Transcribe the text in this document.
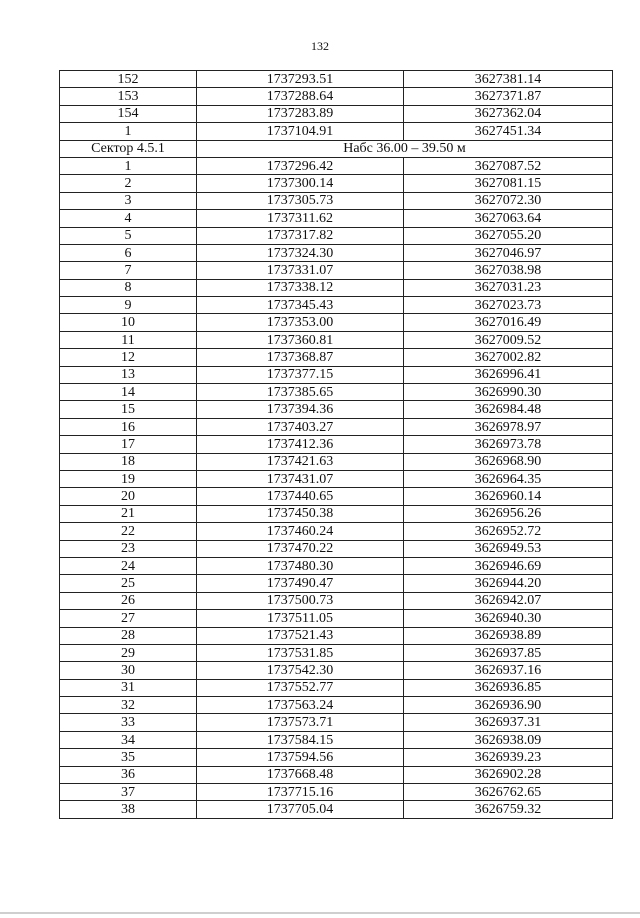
132
152	1737293.51	3627381.14
153	1737288.64	3627371.87
154	1737283.89	3627362.04
1	1737104.91	3627451.34
Сектор 4.5.1	Набс 36.00 – 39.50 м	
1	1737296.42	3627087.52
2	1737300.14	3627081.15
3	1737305.73	3627072.30
4	1737311.62	3627063.64
5	1737317.82	3627055.20
6	1737324.30	3627046.97
7	1737331.07	3627038.98
8	1737338.12	3627031.23
9	1737345.43	3627023.73
10	1737353.00	3627016.49
11	1737360.81	3627009.52
12	1737368.87	3627002.82
13	1737377.15	3626996.41
14	1737385.65	3626990.30
15	1737394.36	3626984.48
16	1737403.27	3626978.97
17	1737412.36	3626973.78
18	1737421.63	3626968.90
19	1737431.07	3626964.35
20	1737440.65	3626960.14
21	1737450.38	3626956.26
22	1737460.24	3626952.72
23	1737470.22	3626949.53
24	1737480.30	3626946.69
25	1737490.47	3626944.20
26	1737500.73	3626942.07
27	1737511.05	3626940.30
28	1737521.43	3626938.89
29	1737531.85	3626937.85
30	1737542.30	3626937.16
31	1737552.77	3626936.85
32	1737563.24	3626936.90
33	1737573.71	3626937.31
34	1737584.15	3626938.09
35	1737594.56	3626939.23
36	1737668.48	3626902.28
37	1737715.16	3626762.65
38	1737705.04	3626759.32
